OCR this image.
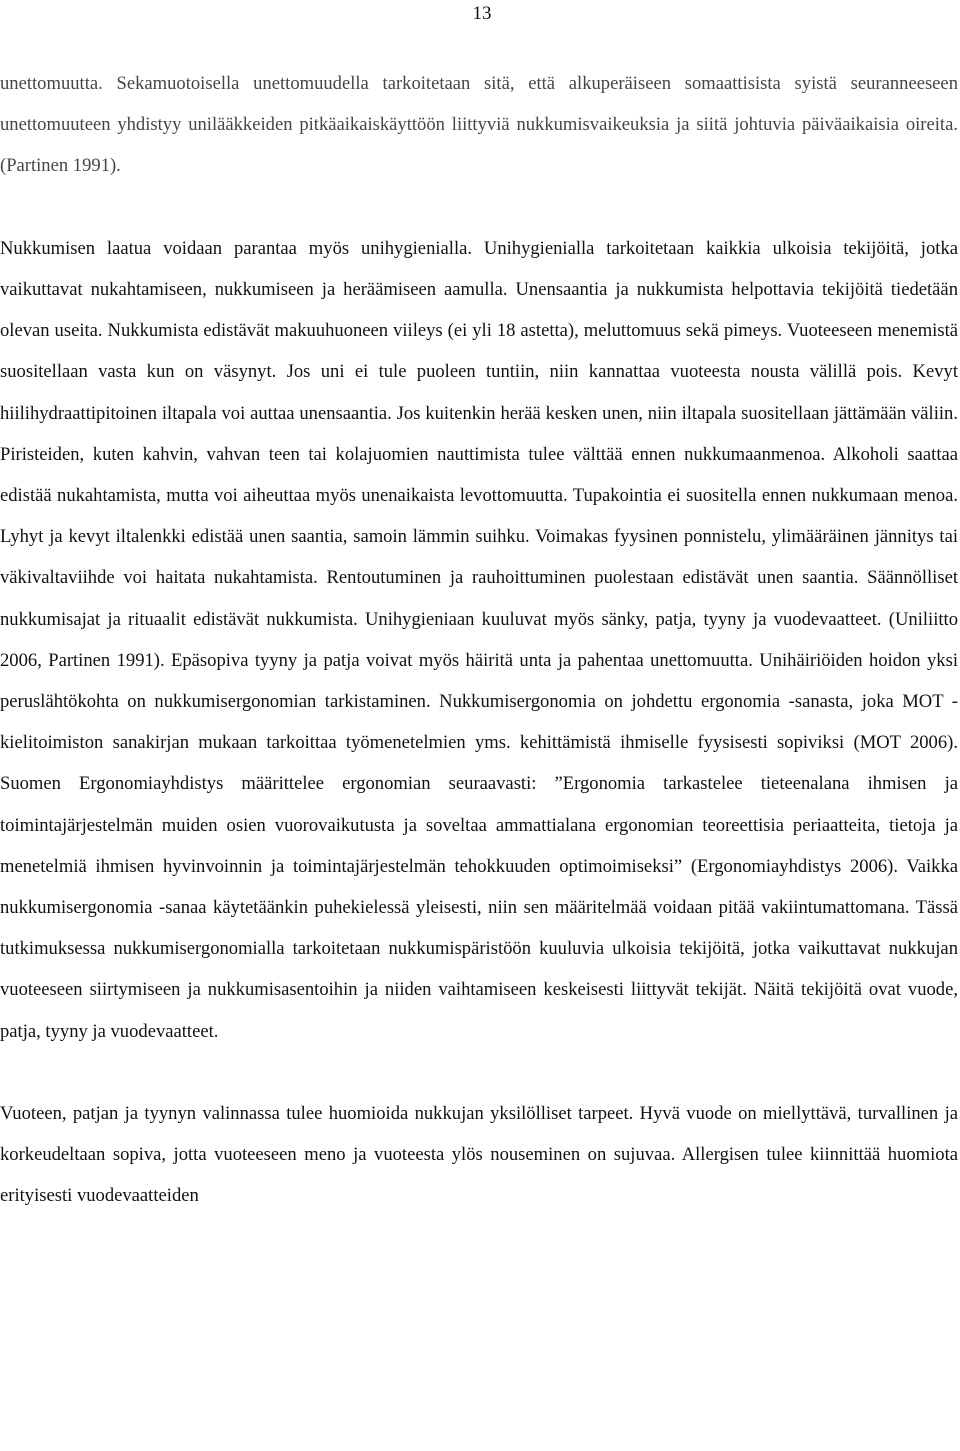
13

unettomuutta. Sekamuotoisella unettomuudella tarkoitetaan sitä, että alkuperäiseen somaattisista syistä seuranneeseen unettomuuteen yhdistyy unilääkkeiden pitkäaikaiskäyttöön liittyviä nukkumisvaikeuksia ja siitä johtuvia päiväaikaisia oireita. (Partinen 1991).

Nukkumisen laatua voidaan parantaa myös unihygienialla. Unihygienialla tarkoitetaan kaikkia ulkoisia tekijöitä, jotka vaikuttavat nukahtamiseen, nukkumiseen ja heräämiseen aamulla. Unensaantia ja nukkumista helpottavia tekijöitä tiedetään olevan useita. Nukkumista edistävät makuuhuoneen viileys (ei yli 18 astetta), meluttomuus sekä pimeys. Vuoteeseen menemistä suositellaan vasta kun on väsynyt. Jos uni ei tule puoleen tuntiin, niin kannattaa vuoteesta nousta välillä pois. Kevyt hiilihydraattipitoinen iltapala voi auttaa unensaantia. Jos kuitenkin herää kesken unen, niin iltapala suositellaan jättämään väliin. Piristeiden, kuten kahvin, vahvan teen tai kolajuomien nauttimista tulee välttää ennen nukkumaanmenoa. Alkoholi saattaa edistää nukahtamista, mutta voi aiheuttaa myös unenaikaista levottomuutta. Tupakointia ei suositella ennen nukkumaan menoa. Lyhyt ja kevyt iltalenkki edistää unen saantia, samoin lämmin suihku. Voimakas fyysinen ponnistelu, ylimääräinen jännitys tai väkivaltaviihde voi haitata nukahtamista. Rentoutuminen ja rauhoittuminen puolestaan edistävät unen saantia. Säännölliset nukkumisajat ja rituaalit edistävät nukkumista. Unihygieniaan kuuluvat myös sänky, patja, tyyny ja vuodevaatteet. (Uniliitto 2006, Partinen 1991). Epäsopiva tyyny ja patja voivat myös häiritä unta ja pahentaa unettomuutta. Unihäiriöiden hoidon yksi peruslähtökohta on nukkumisergonomian tarkistaminen. Nukkumisergonomia on johdettu ergonomia -sanasta, joka MOT -kielitoimiston sanakirjan mukaan tarkoittaa työmenetelmien yms. kehittämistä ihmiselle fyysisesti sopiviksi (MOT 2006). Suomen Ergonomiayhdistys määrittelee ergonomian seuraavasti: ”Ergonomia tarkastelee tieteenalana ihmisen ja toimintajärjestelmän muiden osien vuorovaikutusta ja soveltaa ammattialana ergonomian teoreettisia periaatteita, tietoja ja menetelmiä ihmisen hyvinvoinnin ja toimintajärjestelmän tehokkuuden optimoimiseksi” (Ergonomiayhdistys 2006). Vaikka nukkumisergonomia -sanaa käytetäänkin puhekielessä yleisesti, niin sen määritelmää voidaan pitää vakiintumattomana. Tässä tutkimuksessa nukkumisergonomialla tarkoitetaan nukkumispäristöön kuuluvia ulkoisia tekijöitä, jotka vaikuttavat nukkujan vuoteeseen siirtymiseen ja nukkumisasentoihin ja niiden vaihtamiseen keskeisesti liittyvät tekijät. Näitä tekijöitä ovat vuode, patja, tyyny ja vuodevaatteet.

Vuoteen, patjan ja tyynyn valinnassa tulee huomioida nukkujan yksilölliset tarpeet. Hyvä vuode on miellyttävä, turvallinen ja korkeudeltaan sopiva, jotta vuoteeseen meno ja vuoteesta ylös nouseminen on sujuvaa. Allergisen tulee kiinnittää huomiota erityisesti vuodevaatteiden
